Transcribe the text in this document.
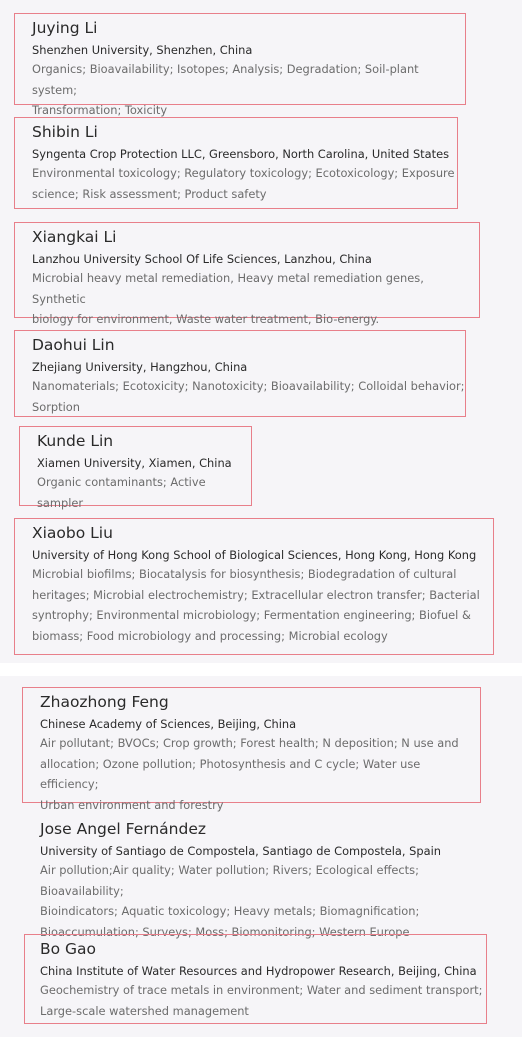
Juying Li
Shenzhen University, Shenzhen, China
Organics; Bioavailability; Isotopes; Analysis; Degradation; Soil-plant system;
Transformation; Toxicity
Shibin Li
Syngenta Crop Protection LLC, Greensboro, North Carolina, United States
Environmental toxicology; Regulatory toxicology; Ecotoxicology; Exposure
science; Risk assessment; Product safety
Xiangkai Li
Lanzhou University School Of Life Sciences, Lanzhou, China
Microbial heavy metal remediation, Heavy metal remediation genes, Synthetic
biology for environment, Waste water treatment, Bio-energy.
Daohui Lin
Zhejiang University, Hangzhou, China
Nanomaterials; Ecotoxicity; Nanotoxicity; Bioavailability; Colloidal behavior;
Sorption
Kunde Lin
Xiamen University, Xiamen, China
Organic contaminants; Active sampler
Xiaobo Liu
University of Hong Kong School of Biological Sciences, Hong Kong, Hong Kong
Microbial biofilms; Biocatalysis for biosynthesis; Biodegradation of cultural
heritages; Microbial electrochemistry; Extracellular electron transfer; Bacterial
syntrophy; Environmental microbiology; Fermentation engineering; Biofuel &
biomass; Food microbiology and processing; Microbial ecology
Zhaozhong Feng
Chinese Academy of Sciences, Beijing, China
Air pollutant; BVOCs; Crop growth; Forest health; N deposition; N use and
allocation; Ozone pollution; Photosynthesis and C cycle; Water use efficiency;
Urban environment and forestry
Jose Angel Fernández
University of Santiago de Compostela, Santiago de Compostela, Spain
Air pollution;Air quality; Water pollution; Rivers; Ecological effects; Bioavailability;
Bioindicators; Aquatic toxicology; Heavy metals; Biomagnification;
Bioaccumulation; Surveys; Moss; Biomonitoring; Western Europe
Bo Gao
China Institute of Water Resources and Hydropower Research, Beijing, China
Geochemistry of trace metals in environment; Water and sediment transport;
Large-scale watershed management
